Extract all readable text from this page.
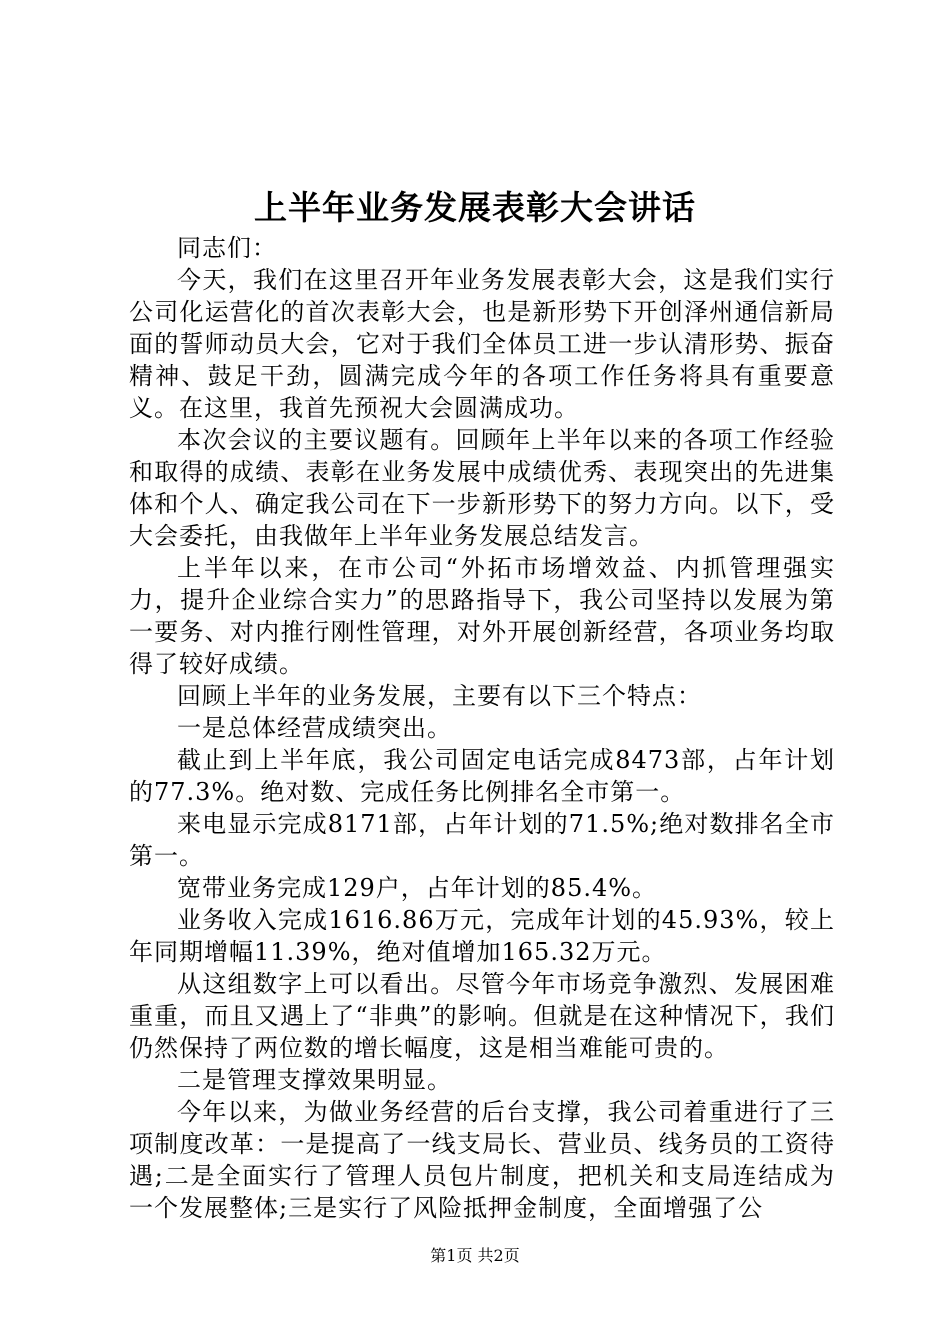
上半年业务发展表彰大会讲话

同志们：

今天，我们在这里召开年业务发展表彰大会，这是我们实行公司化运营化的首次表彰大会，也是新形势下开创泽州通信新局面的誓师动员大会，它对于我们全体员工进一步认清形势、振奋精神、鼓足干劲，圆满完成今年的各项工作任务将具有重要意义。在这里，我首先预祝大会圆满成功。

本次会议的主要议题有。回顾年上半年以来的各项工作经验和取得的成绩、表彰在业务发展中成绩优秀、表现突出的先进集体和个人、确定我公司在下一步新形势下的努力方向。以下，受大会委托，由我做年上半年业务发展总结发言。

上半年以来，在市公司“外拓市场增效益、内抓管理强实力，提升企业综合实力”的思路指导下，我公司坚持以发展为第一要务、对内推行刚性管理，对外开展创新经营，各项业务均取得了较好成绩。

回顾上半年的业务发展，主要有以下三个特点：

一是总体经营成绩突出。

截止到上半年底，我公司固定电话完成8473部，占年计划的77.3%。绝对数、完成任务比例排名全市第一。

来电显示完成8171部，占年计划的71.5%;绝对数排名全市第一。

宽带业务完成129户，占年计划的85.4%。

业务收入完成1616.86万元，完成年计划的45.93%，较上年同期增幅11.39%，绝对值增加165.32万元。

从这组数字上可以看出。尽管今年市场竞争激烈、发展困难重重，而且又遇上了“非典”的影响。但就是在这种情况下，我们仍然保持了两位数的增长幅度，这是相当难能可贵的。

二是管理支撑效果明显。

今年以来，为做业务经营的后台支撑，我公司着重进行了三项制度改革：一是提高了一线支局长、营业员、线务员的工资待遇;二是全面实行了管理人员包片制度，把机关和支局连结成为一个发展整体;三是实行了风险抵押金制度，全面增强了公

第1页 共2页
